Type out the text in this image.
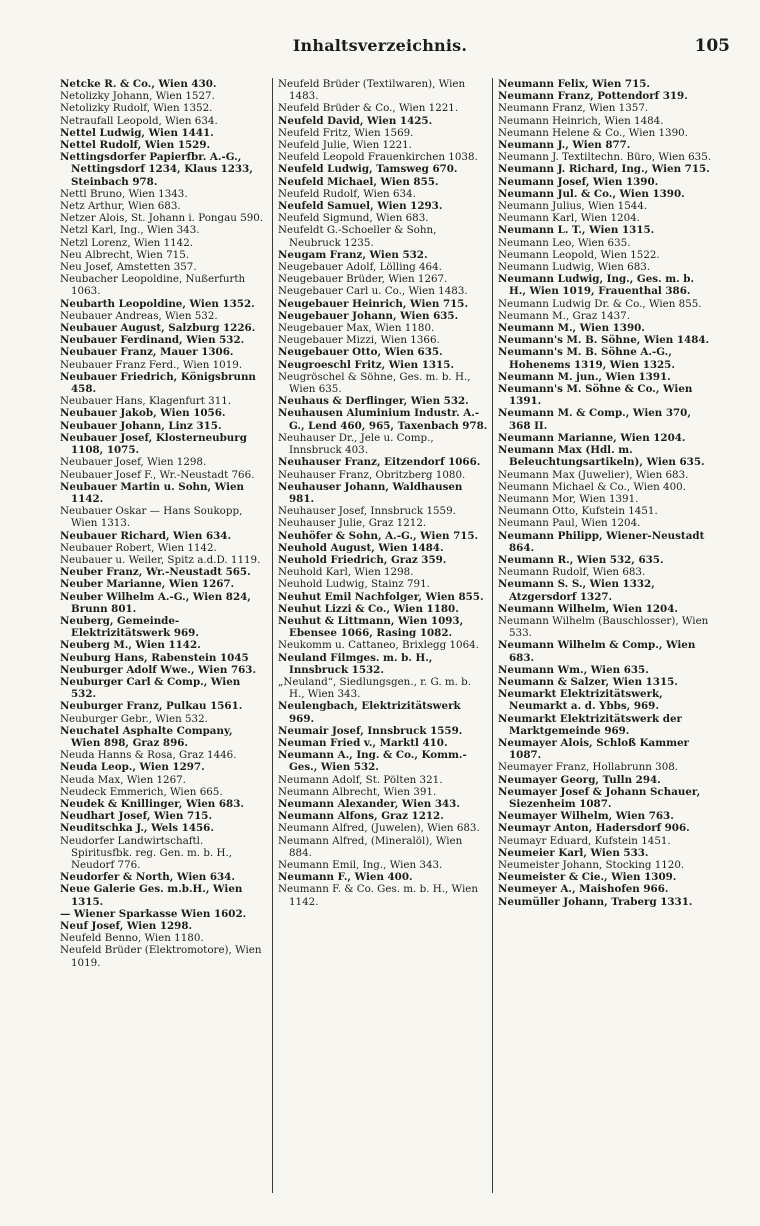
Inhaltsverzeichnis.	105
Netcke R. & Co., Wien 430.
Netolizky Johann, Wien 1527.
Netolizky Rudolf, Wien 1352.
Netraufall Leopold, Wien 634.
Nettel Ludwig, Wien 1441.
Nettel Rudolf, Wien 1529.
Nettingsdorfer Papierfbr. A.-G., Nettingsdorf 1234, Klaus 1233, Steinbach 978.
Nettl Bruno, Wien 1343.
Netz Arthur, Wien 683.
Netzer Alois, St. Johann i. Pongau 590.
Netzl Karl, Ing., Wien 343.
Netzl Lorenz, Wien 1142.
Neu Albrecht, Wien 715.
Neu Josef, Amstetten 357.
Neubacher Leopoldine, Nußerfurth 1063.
Neubarth Leopoldine, Wien 1352.
Neubauer Andreas, Wien 532.
Neubauer August, Salzburg 1226.
Neubauer Ferdinand, Wien 532.
Neubauer Franz, Mauer 1306.
Neubauer Franz Ferd., Wien 1019.
Neubauer Friedrich, Königsbrunn 458.
Neubauer Hans, Klagenfurt 311.
Neubauer Jakob, Wien 1056.
Neubauer Johann, Linz 315.
Neubauer Josef, Klosterneuburg 1108, 1075.
Neubauer Josef, Wien 1298.
Neubauer Josef F., Wr.-Neustadt 766.
Neubauer Martin u. Sohn, Wien 1142.
Neubauer Oskar — Hans Soukopp, Wien 1313.
Neubauer Richard, Wien 634.
Neubauer Robert, Wien 1142.
Neubauer u. Weiler, Spitz a.d.D. 1119.
Neuber Franz, Wr.-Neustadt 565.
Neuber Marianne, Wien 1267.
Neuber Wilhelm A.-G., Wien 824, Brunn 801.
Neuberg, Gemeinde-Elektrizitätswerk 969.
Neuberg M., Wien 1142.
Neuburg Hans, Rabenstein 1045
Neuburger Adolf Wwe., Wien 763.
Neuburger Carl & Comp., Wien 532.
Neuburger Franz, Pulkau 1561.
Neuburger Gebr., Wien 532.
Neuchatel Asphalte Company, Wien 898, Graz 896.
Neuda Hanns & Rosa, Graz 1446.
Neuda Leop., Wien 1297.
Neuda Max, Wien 1267.
Neudeck Emmerich, Wien 665.
Neudek & Knillinger, Wien 683.
Neudhart Josef, Wien 715.
Neuditschka J., Wels 1456.
Neudorfer Landwirtschaftl. Spiritusfbk. reg. Gen. m. b. H., Neudorf 776.
Neudorfer & North, Wien 634.
Neue Galerie Ges. m.b.H., Wien 1315.
— Wiener Sparkasse Wien 1602.
Neuf Josef, Wien 1298.
Neufeld Benno, Wien 1180.
Neufeld Brüder (Elektromotore), Wien 1019.
Neufeld Brüder (Textilwaren), Wien 1483.
Neufeld Brüder & Co., Wien 1221.
Neufeld David, Wien 1425.
Neufeld Fritz, Wien 1569.
Neufeld Julie, Wien 1221.
Neufeld Leopold Frauenkirchen 1038.
Neufeld Ludwig, Tamsweg 670.
Neufeld Michael, Wien 855.
Neufeld Rudolf, Wien 634.
Neufeld Samuel, Wien 1293.
Neufeld Sigmund, Wien 683.
Neufeldt G.-Schoeller & Sohn, Neubruck 1235.
Neugam Franz, Wien 532.
Neugebauer Adolf, Lölling 464.
Neugebauer Brüder, Wien 1267.
Neugebauer Carl u. Co., Wien 1483.
Neugebauer Heinrich, Wien 715.
Neugebauer Johann, Wien 635.
Neugebauer Max, Wien 1180.
Neugebauer Mizzi, Wien 1366.
Neugebauer Otto, Wien 635.
Neugroeschl Fritz, Wien 1315.
Neugröschel & Söhne, Ges. m. b. H., Wien 635.
Neuhaus & Derflinger, Wien 532.
Neuhausen Aluminium Industr. A.-G., Lend 460, 965, Taxenbach 978.
Neuhauser Dr., Jele u. Comp., Innsbruck 403.
Neuhauser Franz, Eitzendorf 1066.
Neuhauser Franz, Obritzberg 1080.
Neuhauser Johann, Waldhausen 981.
Neuhauser Josef, Innsbruck 1559.
Neuhauser Julie, Graz 1212.
Neuhöfer & Sohn, A.-G., Wien 715.
Neuhold August, Wien 1484.
Neuhold Friedrich, Graz 359.
Neuhold Karl, Wien 1298.
Neuhold Ludwig, Stainz 791.
Neuhut Emil Nachfolger, Wien 855.
Neuhut Lizzi & Co., Wien 1180.
Neuhut & Littmann, Wien 1093, Ebensee 1066, Rasing 1082.
Neukomm u. Cattaneo, Brixlegg 1064.
Neuland Filmges. m. b. H., Innsbruck 1532.
„Neuland“, Siedlungsgen., r. G. m. b. H., Wien 343.
Neulengbach, Elektrizitätswerk 969.
Neumair Josef, Innsbruck 1559.
Neuman Fried v., Marktl 410.
Neumann A., Ing. & Co., Komm.-Ges., Wien 532.
Neumann Adolf, St. Pölten 321.
Neumann Albrecht, Wien 391.
Neumann Alexander, Wien 343.
Neumann Alfons, Graz 1212.
Neumann Alfred, (Juwelen), Wien 683.
Neumann Alfred, (Mineralöl), Wien 884.
Neumann Emil, Ing., Wien 343.
Neumann F., Wien 400.
Neumann F. & Co. Ges. m. b. H., Wien 1142.
Neumann Felix, Wien 715.
Neumann Franz, Pottendorf 319.
Neumann Franz, Wien 1357.
Neumann Heinrich, Wien 1484.
Neumann Helene & Co., Wien 1390.
Neumann J., Wien 877.
Neumann J. Textiltechn. Büro, Wien 635.
Neumann J. Richard, Ing., Wien 715.
Neumann Josef, Wien 1390.
Neumann Jul. & Co., Wien 1390.
Neumann Julius, Wien 1544.
Neumann Karl, Wien 1204.
Neumann L. T., Wien 1315.
Neumann Leo, Wien 635.
Neumann Leopold, Wien 1522.
Neumann Ludwig, Wien 683.
Neumann Ludwig, Ing., Ges. m. b. H., Wien 1019, Frauenthal 386.
Neumann Ludwig Dr. & Co., Wien 855.
Neumann M., Graz 1437.
Neumann M., Wien 1390.
Neumann's M. B. Söhne, Wien 1484.
Neumann's M. B. Söhne A.-G., Hohenems 1319, Wien 1325.
Neumann M. jun., Wien 1391.
Neumann's M. Söhne & Co., Wien 1391.
Neumann M. & Comp., Wien 370, 368 II.
Neumann Marianne, Wien 1204.
Neumann Max (Hdl. m. Beleuchtungsartikeln), Wien 635.
Neumann Max (Juwelier), Wien 683.
Neumann Michael & Co., Wien 400.
Neumann Mor, Wien 1391.
Neumann Otto, Kufstein 1451.
Neumann Paul, Wien 1204.
Neumann Philipp, Wiener-Neustadt 864.
Neumann R., Wien 532, 635.
Neumann Rudolf, Wien 683.
Neumann S. S., Wien 1332, Atzgersdorf 1327.
Neumann Wilhelm, Wien 1204.
Neumann Wilhelm (Bauschlosser), Wien 533.
Neumann Wilhelm & Comp., Wien 683.
Neumann Wm., Wien 635.
Neumann & Salzer, Wien 1315.
Neumarkt Elektrizitätswerk, Neumarkt a. d. Ybbs, 969.
Neumarkt Elektrizitätswerk der Marktgemeinde 969.
Neumayer Alois, Schloß Kammer 1087.
Neumayer Franz, Hollabrunn 308.
Neumayer Georg, Tulln 294.
Neumayer Josef & Johann Schauer, Siezenheim 1087.
Neumayer Wilhelm, Wien 763.
Neumayr Anton, Hadersdorf 906.
Neumayr Eduard, Kufstein 1451.
Neumeier Karl, Wien 533.
Neumeister Johann, Stocking 1120.
Neumeister & Cie., Wien 1309.
Neumeyer A., Maishofen 966.
Neumüller Johann, Traberg 1331.
